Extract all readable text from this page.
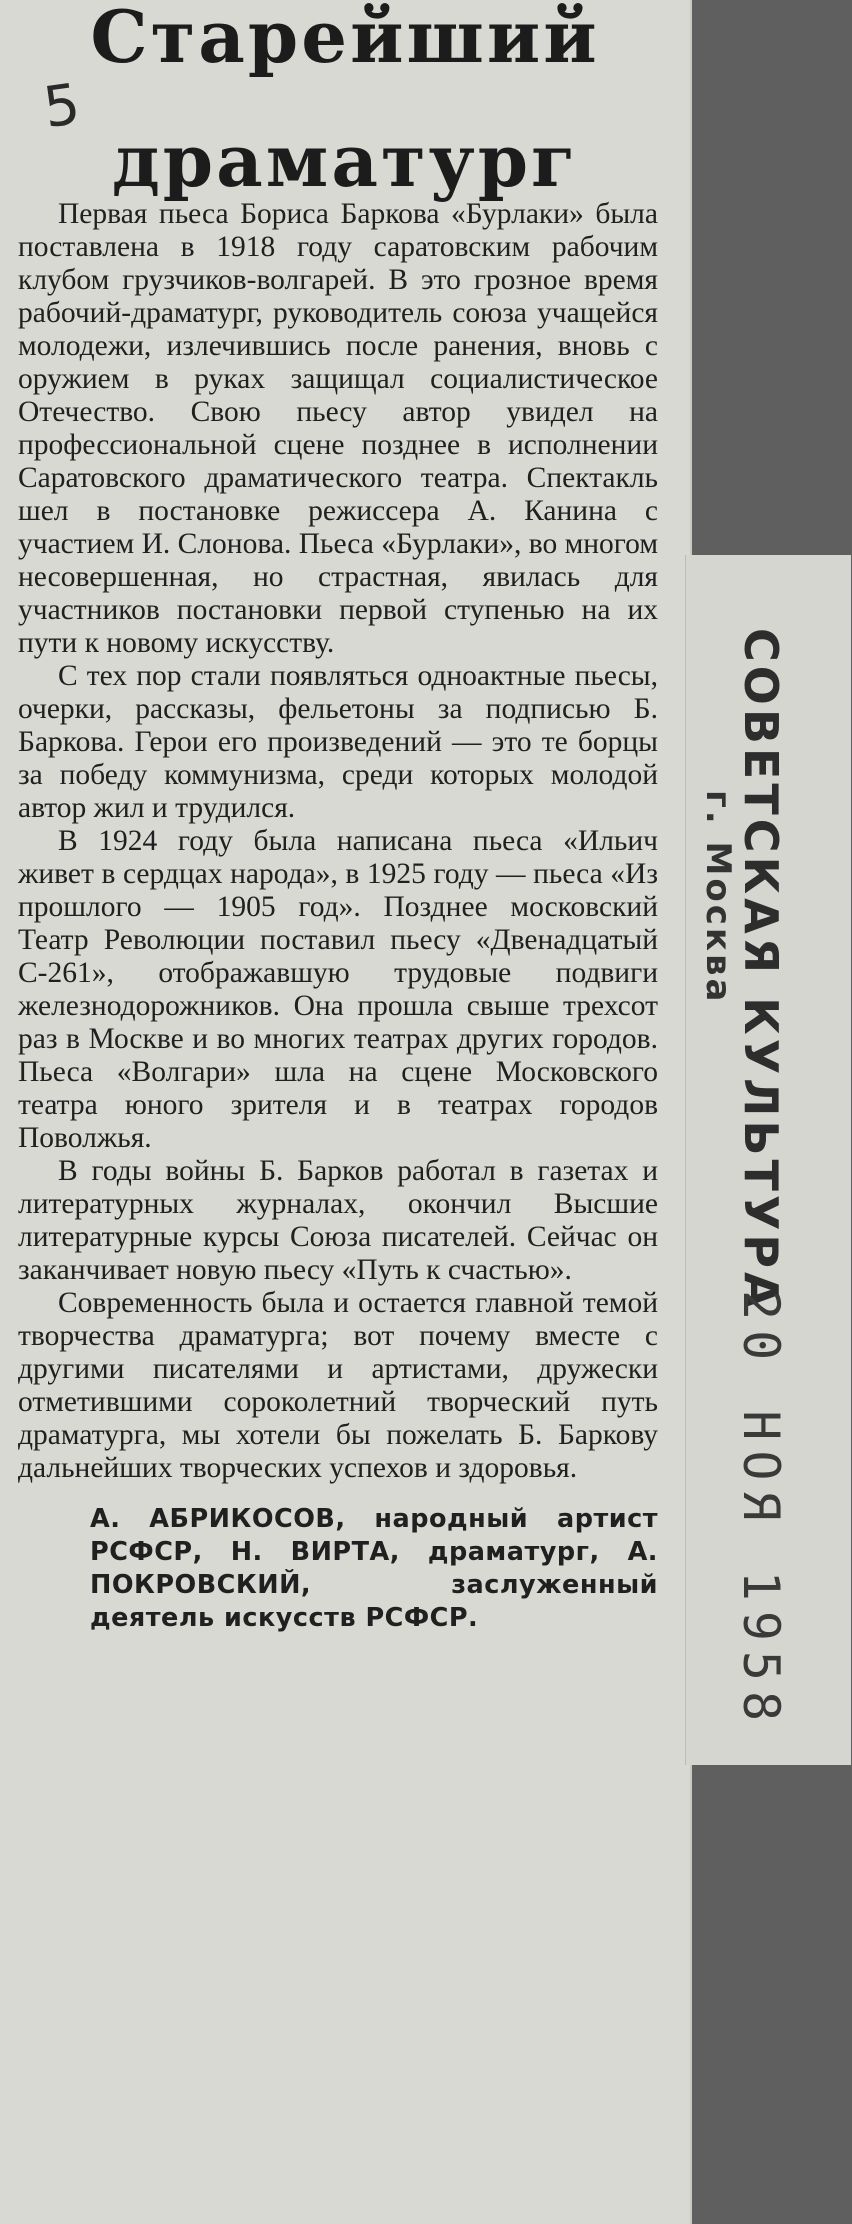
Старейший
драматург
5

Первая пьеса Бориса Баркова «Бурлаки» была поставлена в 1918 году саратовским рабочим клубом грузчиков-волгарей. В это грозное время рабочий-драматург, руководитель союза учащейся молодежи, излечившись после ранения, вновь с оружием в руках защищал социалистическое Отечество. Свою пьесу автор увидел на профессиональной сцене позднее в исполнении Саратовского драматического театра. Спектакль шел в постановке режиссера А. Канина с участием И. Слонова. Пьеса «Бурлаки», во многом несовершенная, но страстная, явилась для участников постановки первой ступенью на их пути к новому искусству.

С тех пор стали появляться одноактные пьесы, очерки, рассказы, фельетоны за подписью Б. Баркова. Герои его произведений — это те борцы за победу коммунизма, среди которых молодой автор жил и трудился.

В 1924 году была написана пьеса «Ильич живет в сердцах народа», в 1925 году — пьеса «Из прошлого — 1905 год». Позднее московский Театр Революции поставил пьесу «Двенадцатый С-261», отображавшую трудовые подвиги железнодорожников. Она прошла свыше трехсот раз в Москве и во многих театрах других городов. Пьеса «Волгари» шла на сцене Московского театра юного зрителя и в театрах городов Поволжья.

В годы войны Б. Барков работал в газетах и литературных журналах, окончил Высшие литературные курсы Союза писателей. Сейчас он заканчивает новую пьесу «Путь к счастью».

Современность была и остается главной темой творчества драматурга; вот почему вместе с другими писателями и артистами, дружески отметившими сороколетний творческий путь драматурга, мы хотели бы пожелать Б. Баркову дальнейших творческих успехов и здоровья.

А. АБРИКОСОВ, народный артист РСФСР, Н. ВИРТА, драматург, А. ПОКРОВСКИЙ, заслуженный деятель искусств РСФСР.

СОВЕТСКАЯ КУЛЬТУРА
г. Москва
20 НОЯ 1958
